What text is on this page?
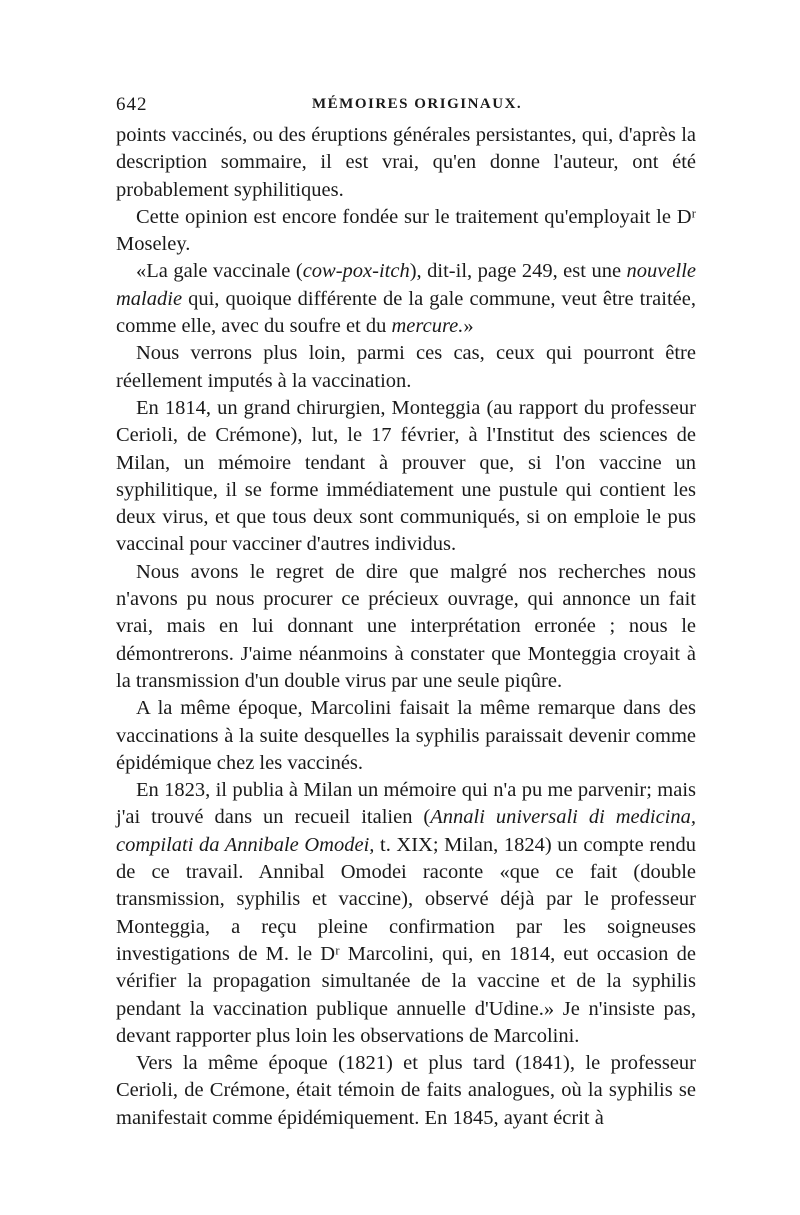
642	MÉMOIRES ORIGINAUX.

points vaccinés, ou des éruptions générales persistantes, qui, d'après la description sommaire, il est vrai, qu'en donne l'auteur, ont été probablement syphilitiques.

Cette opinion est encore fondée sur le traitement qu'employait le Dʳ Moseley.

«La gale vaccinale (cow-pox-itch), dit-il, page 249, est une nouvelle maladie qui, quoique différente de la gale commune, veut être traitée, comme elle, avec du soufre et du mercure.»

Nous verrons plus loin, parmi ces cas, ceux qui pourront être réellement imputés à la vaccination.

En 1814, un grand chirurgien, Monteggia (au rapport du professeur Cerioli, de Crémone), lut, le 17 février, à l'Institut des sciences de Milan, un mémoire tendant à prouver que, si l'on vaccine un syphilitique, il se forme immédiatement une pustule qui contient les deux virus, et que tous deux sont communiqués, si on emploie le pus vaccinal pour vacciner d'autres individus.

Nous avons le regret de dire que malgré nos recherches nous n'avons pu nous procurer ce précieux ouvrage, qui annonce un fait vrai, mais en lui donnant une interprétation erronée ; nous le démontrerons. J'aime néanmoins à constater que Monteggia croyait à la transmission d'un double virus par une seule piqûre.

A la même époque, Marcolini faisait la même remarque dans des vaccinations à la suite desquelles la syphilis paraissait devenir comme épidémique chez les vaccinés.

En 1823, il publia à Milan un mémoire qui n'a pu me parvenir; mais j'ai trouvé dans un recueil italien (Annali universali di medicina, compilati da Annibale Omodei, t. XIX; Milan, 1824) un compte rendu de ce travail. Annibal Omodei raconte «que ce fait (double transmission, syphilis et vaccine), observé déjà par le professeur Monteggia, a reçu pleine confirmation par les soigneuses investigations de M. le Dʳ Marcolini, qui, en 1814, eut occasion de vérifier la propagation simultanée de la vaccine et de la syphilis pendant la vaccination publique annuelle d'Udine.» Je n'insiste pas, devant rapporter plus loin les observations de Marcolini.

Vers la même époque (1821) et plus tard (1841), le professeur Cerioli, de Crémone, était témoin de faits analogues, où la syphilis se manifestait comme épidémiquement. En 1845, ayant écrit à
